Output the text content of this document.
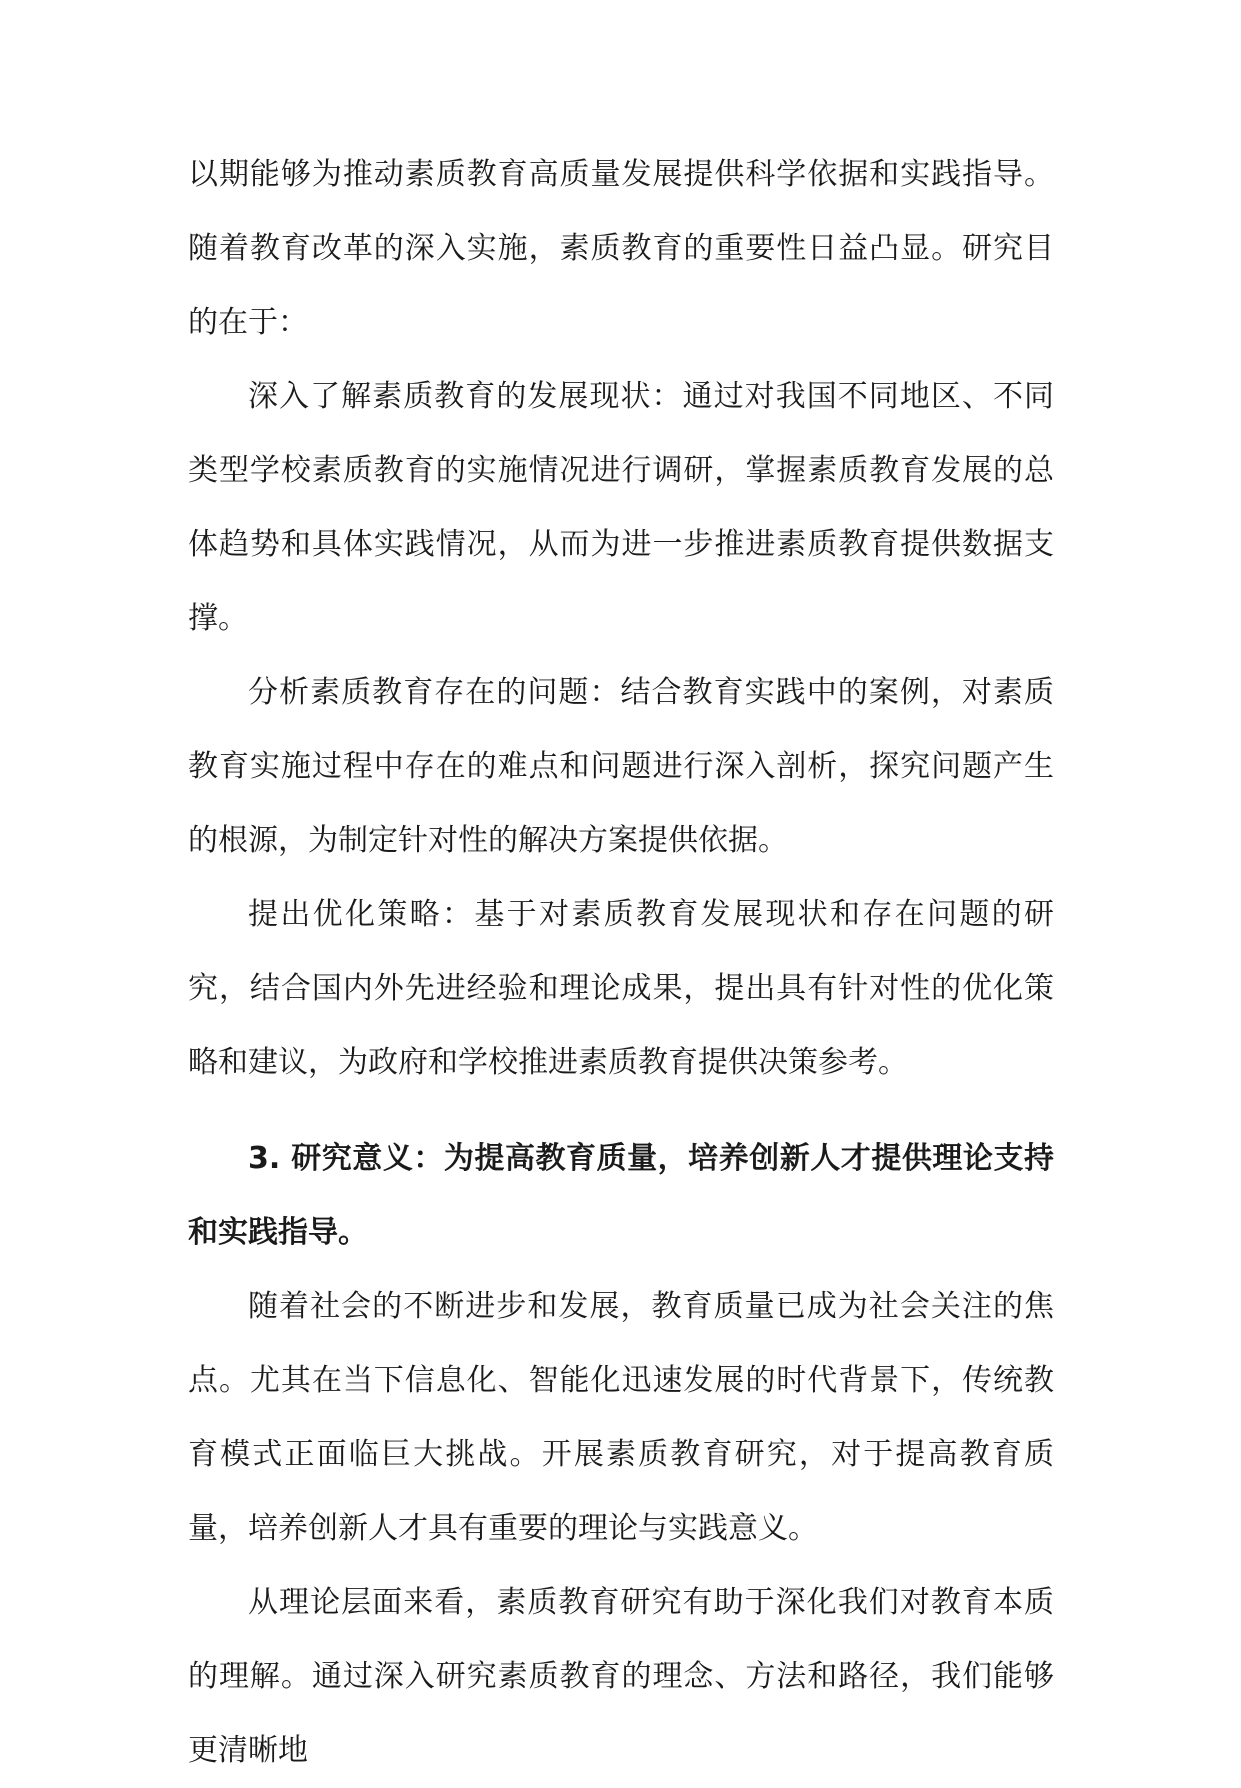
以期能够为推动素质教育高质量发展提供科学依据和实践指导。随着教育改革的深入实施，素质教育的重要性日益凸显。研究目的在于：

深入了解素质教育的发展现状：通过对我国不同地区、不同类型学校素质教育的实施情况进行调研，掌握素质教育发展的总体趋势和具体实践情况，从而为进一步推进素质教育提供数据支撑。

分析素质教育存在的问题：结合教育实践中的案例，对素质教育实施过程中存在的难点和问题进行深入剖析，探究问题产生的根源，为制定针对性的解决方案提供依据。

提出优化策略：基于对素质教育发展现状和存在问题的研究，结合国内外先进经验和理论成果，提出具有针对性的优化策略和建议，为政府和学校推进素质教育提供决策参考。

3. 研究意义：为提高教育质量，培养创新人才提供理论支持和实践指导。

随着社会的不断进步和发展，教育质量已成为社会关注的焦点。尤其在当下信息化、智能化迅速发展的时代背景下，传统教育模式正面临巨大挑战。开展素质教育研究，对于提高教育质量，培养创新人才具有重要的理论与实践意义。

从理论层面来看，素质教育研究有助于深化我们对教育本质的理解。通过深入研究素质教育的理念、方法和路径，我们能够更清晰地
